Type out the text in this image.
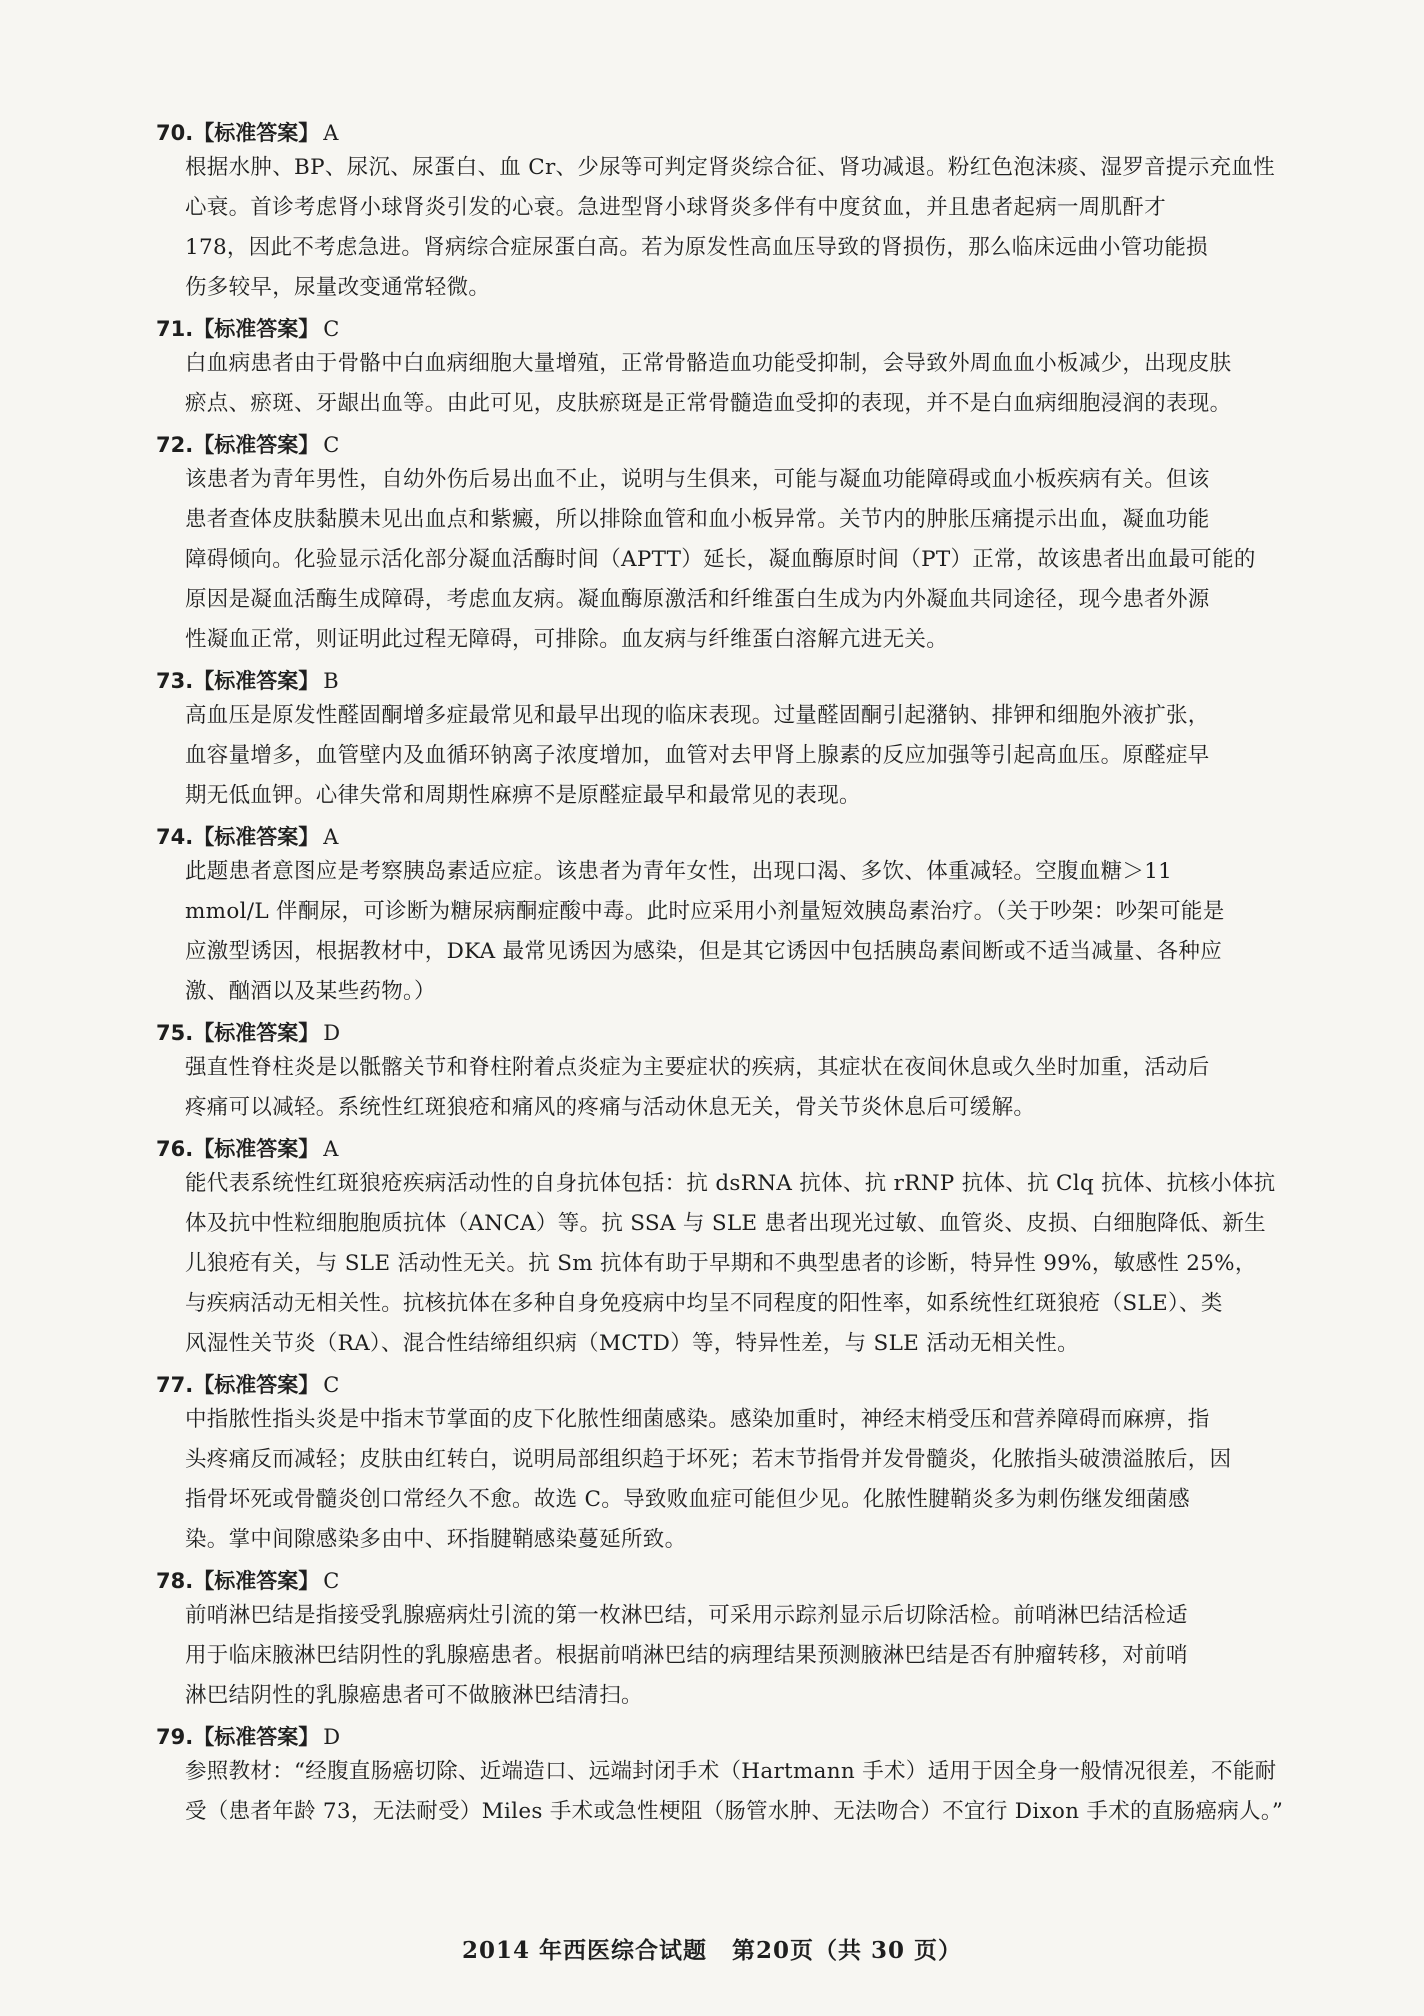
70.【标准答案】 A
根据水肿、BP、尿沉、尿蛋白、血 Cr、少尿等可判定肾炎综合征、肾功减退。粉红色泡沫痰、湿罗音提示充血性
心衰。首诊考虑肾小球肾炎引发的心衰。急进型肾小球肾炎多伴有中度贫血，并且患者起病一周肌酐才
178，因此不考虑急进。肾病综合症尿蛋白高。若为原发性高血压导致的肾损伤，那么临床远曲小管功能损
伤多较早，尿量改变通常轻微。
71.【标准答案】 C
白血病患者由于骨骼中白血病细胞大量增殖，正常骨骼造血功能受抑制，会导致外周血血小板减少，出现皮肤
瘀点、瘀斑、牙龈出血等。由此可见，皮肤瘀斑是正常骨髓造血受抑的表现，并不是白血病细胞浸润的表现。
72.【标准答案】 C
该患者为青年男性，自幼外伤后易出血不止，说明与生俱来，可能与凝血功能障碍或血小板疾病有关。但该
患者查体皮肤黏膜未见出血点和紫癜，所以排除血管和血小板异常。关节内的肿胀压痛提示出血，凝血功能
障碍倾向。化验显示活化部分凝血活酶时间（APTT）延长，凝血酶原时间（PT）正常，故该患者出血最可能的
原因是凝血活酶生成障碍，考虑血友病。凝血酶原激活和纤维蛋白生成为内外凝血共同途径，现今患者外源
性凝血正常，则证明此过程无障碍，可排除。血友病与纤维蛋白溶解亢进无关。
73.【标准答案】 B
高血压是原发性醛固酮增多症最常见和最早出现的临床表现。过量醛固酮引起潴钠、排钾和细胞外液扩张，
血容量增多，血管壁内及血循环钠离子浓度增加，血管对去甲肾上腺素的反应加强等引起高血压。原醛症早
期无低血钾。心律失常和周期性麻痹不是原醛症最早和最常见的表现。
74.【标准答案】 A
此题患者意图应是考察胰岛素适应症。该患者为青年女性，出现口渴、多饮、体重减轻。空腹血糖＞11
mmol/L 伴酮尿，可诊断为糖尿病酮症酸中毒。此时应采用小剂量短效胰岛素治疗。（关于吵架：吵架可能是
应激型诱因，根据教材中，DKA 最常见诱因为感染，但是其它诱因中包括胰岛素间断或不适当减量、各种应
激、酗酒以及某些药物。）
75.【标准答案】 D
强直性脊柱炎是以骶髂关节和脊柱附着点炎症为主要症状的疾病，其症状在夜间休息或久坐时加重，活动后
疼痛可以减轻。系统性红斑狼疮和痛风的疼痛与活动休息无关，骨关节炎休息后可缓解。
76.【标准答案】 A
能代表系统性红斑狼疮疾病活动性的自身抗体包括：抗 dsRNA 抗体、抗 rRNP 抗体、抗 Clq 抗体、抗核小体抗
体及抗中性粒细胞胞质抗体（ANCA）等。抗 SSA 与 SLE 患者出现光过敏、血管炎、皮损、白细胞降低、新生
儿狼疮有关，与 SLE 活动性无关。抗 Sm 抗体有助于早期和不典型患者的诊断，特异性 99%，敏感性 25%，
与疾病活动无相关性。抗核抗体在多种自身免疫病中均呈不同程度的阳性率，如系统性红斑狼疮（SLE）、类
风湿性关节炎（RA）、混合性结缔组织病（MCTD）等，特异性差，与 SLE 活动无相关性。
77.【标准答案】 C
中指脓性指头炎是中指末节掌面的皮下化脓性细菌感染。感染加重时，神经末梢受压和营养障碍而麻痹，指
头疼痛反而减轻；皮肤由红转白，说明局部组织趋于坏死；若末节指骨并发骨髓炎，化脓指头破溃溢脓后，因
指骨坏死或骨髓炎创口常经久不愈。故选 C。导致败血症可能但少见。化脓性腱鞘炎多为刺伤继发细菌感
染。掌中间隙感染多由中、环指腱鞘感染蔓延所致。
78.【标准答案】 C
前哨淋巴结是指接受乳腺癌病灶引流的第一枚淋巴结，可采用示踪剂显示后切除活检。前哨淋巴结活检适
用于临床腋淋巴结阴性的乳腺癌患者。根据前哨淋巴结的病理结果预测腋淋巴结是否有肿瘤转移，对前哨
淋巴结阴性的乳腺癌患者可不做腋淋巴结清扫。
79.【标准答案】 D
参照教材：“经腹直肠癌切除、近端造口、远端封闭手术（Hartmann 手术）适用于因全身一般情况很差，不能耐
受（患者年龄 73，无法耐受）Miles 手术或急性梗阻（肠管水肿、无法吻合）不宜行 Dixon 手术的直肠癌病人。”
2014 年西医综合试题 第20页（共 30 页）
